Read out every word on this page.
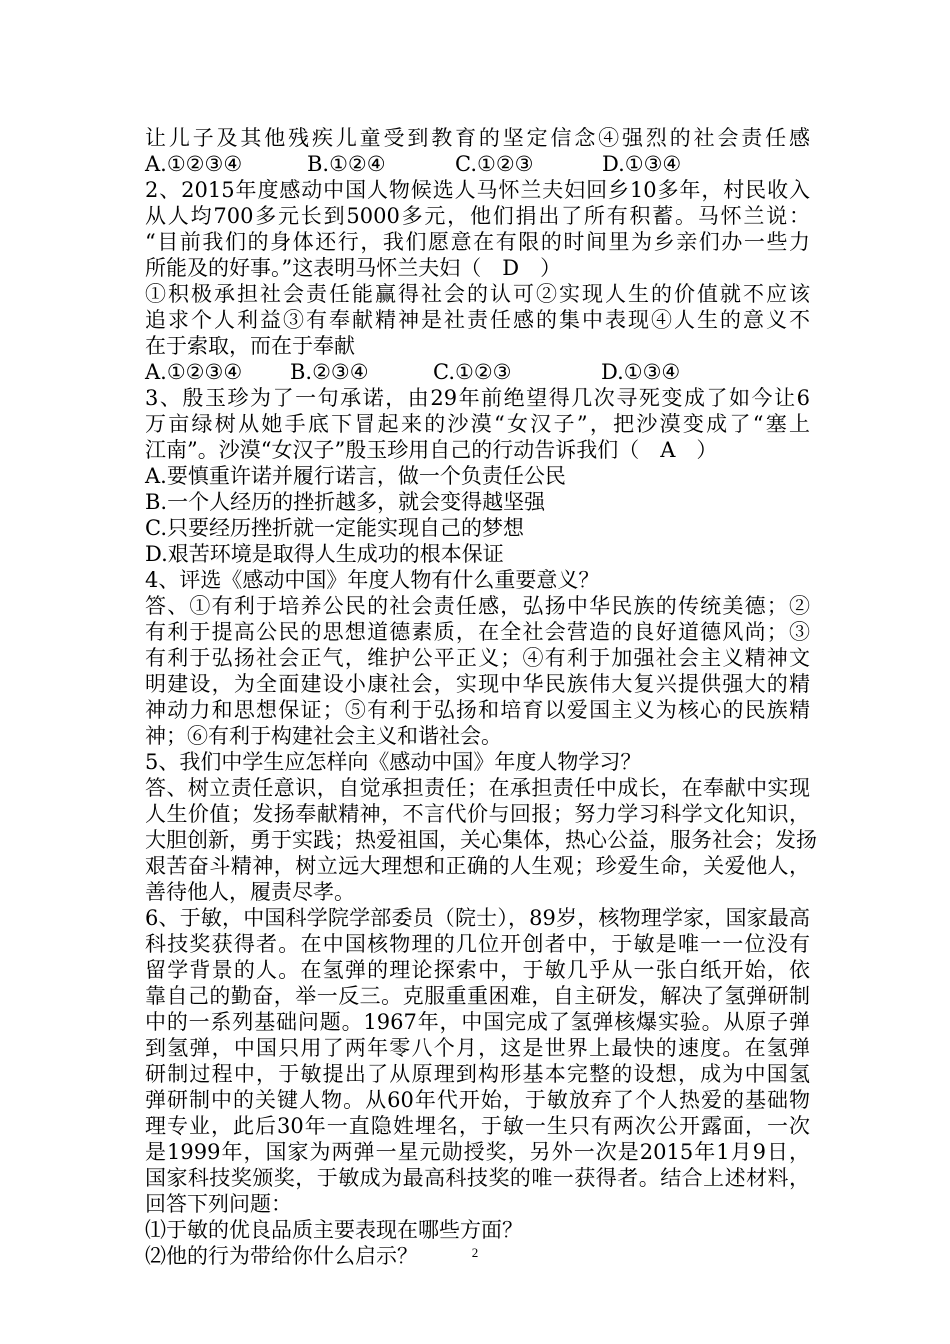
让儿子及其他残疾儿童受到教育的坚定信念④强烈的社会责任感
A.①②③④	B.①②④	C.①②③	D.①③④
2、2015年度感动中国人物候选人马怀兰夫妇回乡10多年，村民收入
从人均700多元长到5000多元，他们捐出了所有积蓄。马怀兰说：
“目前我们的身体还行，我们愿意在有限的时间里为乡亲们办一些力
所能及的好事。”这表明马怀兰夫妇（　D　）
①积极承担社会责任能赢得社会的认可②实现人生的价值就不应该
追求个人利益③有奉献精神是社责任感的集中表现④人生的意义不
在于索取，而在于奉献
A.①②③④	B.②③④	C.①②③	D.①③④
3、殷玉珍为了一句承诺，由29年前绝望得几次寻死变成了如今让6
万亩绿树从她手底下冒起来的沙漠“女汉子”，把沙漠变成了“塞上
江南”。沙漠“女汉子”殷玉珍用自己的行动告诉我们（　A　）
A.要慎重许诺并履行诺言，做一个负责任公民
B.一个人经历的挫折越多，就会变得越坚强
C.只要经历挫折就一定能实现自己的梦想
D.艰苦环境是取得人生成功的根本保证
4、评选《感动中国》年度人物有什么重要意义？
答、①有利于培养公民的社会责任感，弘扬中华民族的传统美德；②
有利于提高公民的思想道德素质，在全社会营造的良好道德风尚；③
有利于弘扬社会正气，维护公平正义；④有利于加强社会主义精神文
明建设，为全面建设小康社会，实现中华民族伟大复兴提供强大的精
神动力和思想保证；⑤有利于弘扬和培育以爱国主义为核心的民族精
神；⑥有利于构建社会主义和谐社会。
5、我们中学生应怎样向《感动中国》年度人物学习？
答、树立责任意识，自觉承担责任；在承担责任中成长，在奉献中实现
人生价值；发扬奉献精神，不言代价与回报；努力学习科学文化知识，
大胆创新，勇于实践；热爱祖国，关心集体，热心公益，服务社会；发扬
艰苦奋斗精神，树立远大理想和正确的人生观；珍爱生命，关爱他人，
善待他人，履责尽孝。
6、于敏，中国科学院学部委员（院士），89岁，核物理学家，国家最高
科技奖获得者。在中国核物理的几位开创者中，于敏是唯一一位没有
留学背景的人。在氢弹的理论探索中，于敏几乎从一张白纸开始，依
靠自己的勤奋，举一反三。克服重重困难，自主研发，解决了氢弹研制
中的一系列基础问题。1967年，中国完成了氢弹核爆实验。从原子弹
到氢弹，中国只用了两年零八个月，这是世界上最快的速度。在氢弹
研制过程中，于敏提出了从原理到构形基本完整的设想，成为中国氢
弹研制中的关键人物。从60年代开始，于敏放弃了个人热爱的基础物
理专业，此后30年一直隐姓埋名，于敏一生只有两次公开露面，一次
是1999年，国家为两弹一星元勋授奖，另外一次是2015年1月9日，
国家科技奖颁奖，于敏成为最高科技奖的唯一获得者。结合上述材料，
回答下列问题：
⑴于敏的优良品质主要表现在哪些方面？
⑵他的行为带给你什么启示？	2
